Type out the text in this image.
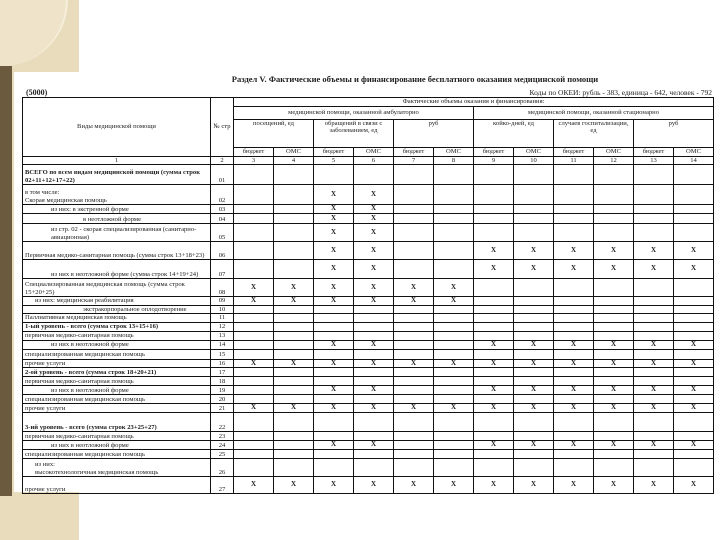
Раздел V. Фактические объемы и финансирование бесплатного оказания медицинской помощи
(5000)	Коды по ОКЕИ: рубль - 383, единица - 642, человек - 792
Виды медицинской помощи	№ стр	Фактические объемы оказания и финансирования:											
		медицинской помощи, оказанной амбулаторно						медицинской помощи, оказанной стационарно					
		посещений, ед		обращений в связи с заболеванием, ед		руб		койко-дней, ед		случаев госпитализации, ед		руб	
		бюджет	ОМС	бюджет	ОМС	бюджет	ОМС	бюджет	ОМС	бюджет	ОМС	бюджет	ОМС
1	2	3	4	5	6	7	8	9	10	11	12	13	14
ВСЕГО по всем видам медицинской помощи (сумма строк 02+11+12+17+22)	01												
в том числе:
Скорая медицинская помощь	02			X	X								
из них: в экстренной форме	03			X	X								
в неотложной форме	04			X	X								
из стр. 02 - скорая специализированная (санитарно-авиационная)	05			X	X								
Первичная медико-санитарная помощь (сумма строк 13+18+23)	06			X	X			X	X	X	X	X	X
из них в неотложной форме (сумма строк 14+19+24)	07			X	X			X	X	X	X	X	X
Специализированная медицинская помощь (сумма строк 15+20+25)	08	X	X	X	X	X	X						
из них: медицинская реабилитация	09	X	X	X	X	X	X						
экстракорпоральное оплодотворение	10												
Паллиативная медицинская помощь	11												
1-ый уровень - всего (сумма строк 13+15+16)	12												
первичная медико-санитарная помощь	13												
из них в неотложной форме	14			X	X			X	X	X	X	X	X
специализированная медицинская помощь	15												
прочие услуги	16	X	X	X	X	X	X	X	X	X	X	X	X
2-ой уровень - всего (сумма строк 18+20+21)	17												
первичная медико-санитарная помощь	18												
из них в неотложной форме	19			X	X			X	X	X	X	X	X
специализированная медицинская помощь	20												
прочие услуги	21	X	X	X	X	X	X	X	X	X	X	X	X
3-ий уровень - всего (сумма строк 23+25+27)	22												
первичная медико-санитарная помощь	23												
из них в неотложной форме	24			X	X			X	X	X	X	X	X
специализированная медицинская помощь	25												
из них:
высокотехнологичная медицинская помощь	26												
прочие услуги	27	X	X	X	X	X	X	X	X	X	X	X	X
